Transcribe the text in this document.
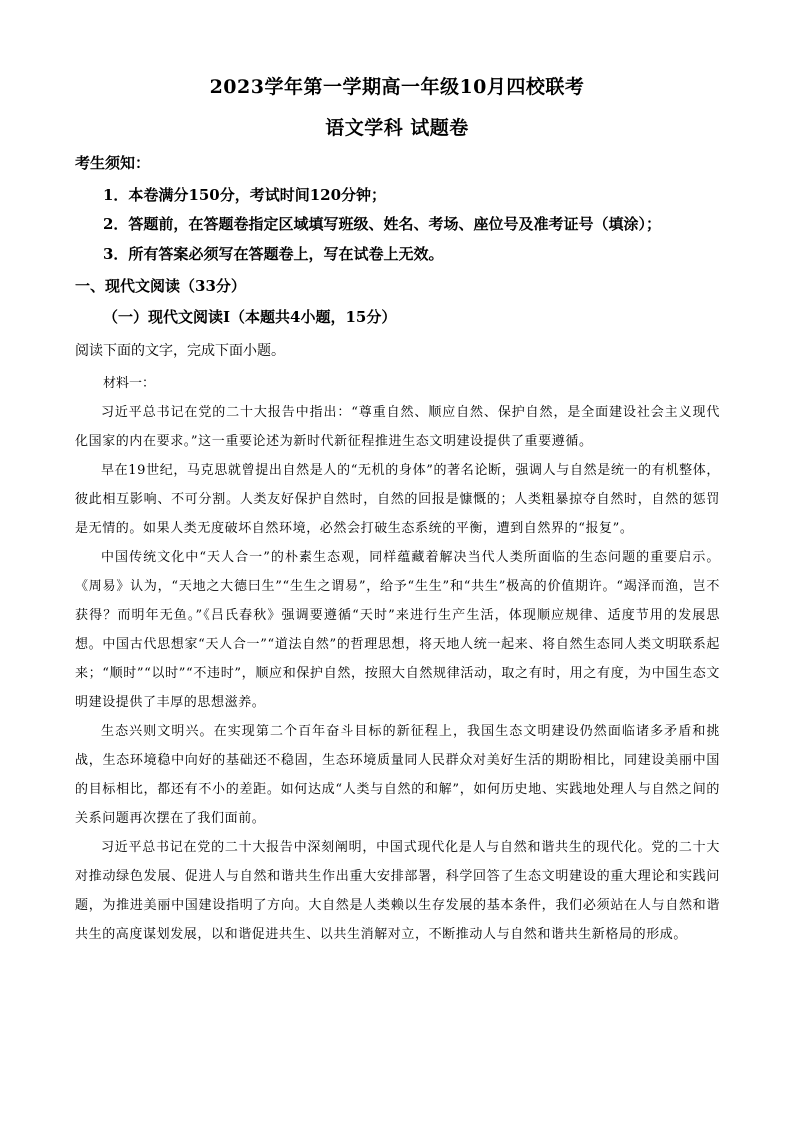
2023学年第一学期高一年级10月四校联考
语文学科 试题卷
考生须知：
1．本卷满分150分，考试时间120分钟；
2．答题前，在答题卷指定区域填写班级、姓名、考场、座位号及准考证号（填涂）；
3．所有答案必须写在答题卷上，写在试卷上无效。
一、现代文阅读（33分）
（一）现代文阅读Ⅰ（本题共4小题，15分）
阅读下面的文字，完成下面小题。
材料一：

习近平总书记在党的二十大报告中指出：“尊重自然、顺应自然、保护自然，是全面建设社会主义现代化国家的内在要求。”这一重要论述为新时代新征程推进生态文明建设提供了重要遵循。

早在19世纪，马克思就曾提出自然是人的“无机的身体”的著名论断，强调人与自然是统一的有机整体，彼此相互影响、不可分割。人类友好保护自然时，自然的回报是慷慨的；人类粗暴掠夺自然时，自然的惩罚是无情的。如果人类无度破坏自然环境，必然会打破生态系统的平衡，遭到自然界的“报复”。

中国传统文化中“天人合一”的朴素生态观，同样蕴藏着解决当代人类所面临的生态问题的重要启示。《周易》认为，“天地之大德曰生”“生生之谓易”，给予“生生”和“共生”极高的价值期许。“竭泽而渔，岂不获得？而明年无鱼。”《吕氏春秋》强调要遵循“天时”来进行生产生活，体现顺应规律、适度节用的发展思想。中国古代思想家“天人合一”“道法自然”的哲理思想，将天地人统一起来、将自然生态同人类文明联系起来；“顺时”“以时”“不违时”，顺应和保护自然，按照大自然规律活动，取之有时，用之有度，为中国生态文明建设提供了丰厚的思想滋养。

生态兴则文明兴。在实现第二个百年奋斗目标的新征程上，我国生态文明建设仍然面临诸多矛盾和挑战，生态环境稳中向好的基础还不稳固，生态环境质量同人民群众对美好生活的期盼相比，同建设美丽中国的目标相比，都还有不小的差距。如何达成“人类与自然的和解”，如何历史地、实践地处理人与自然之间的关系问题再次摆在了我们面前。

习近平总书记在党的二十大报告中深刻阐明，中国式现代化是人与自然和谐共生的现代化。党的二十大对推动绿色发展、促进人与自然和谐共生作出重大安排部署，科学回答了生态文明建设的重大理论和实践问题，为推进美丽中国建设指明了方向。大自然是人类赖以生存发展的基本条件，我们必须站在人与自然和谐共生的高度谋划发展，以和谐促进共生、以共生消解对立，不断推动人与自然和谐共生新格局的形成。
